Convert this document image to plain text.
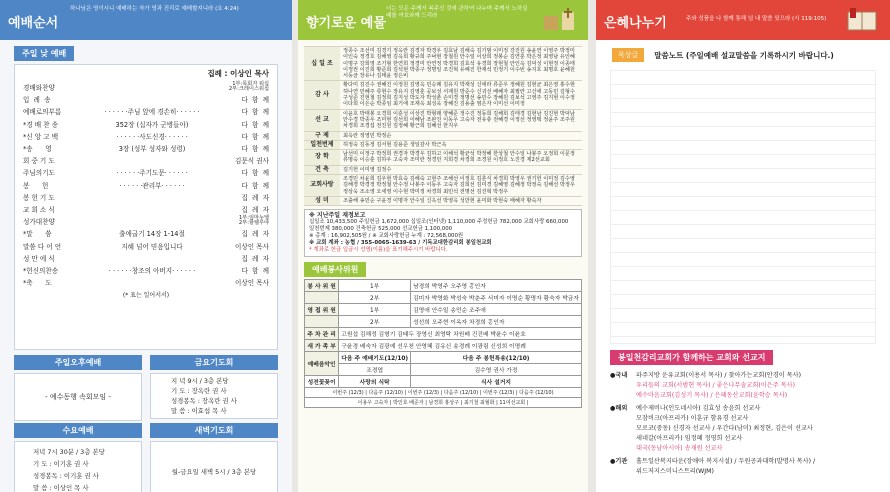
예배순서
하나님은 영이시니 예배하는 자가 영과 진리로 예배할지니라 (요 4:24)
주일 낮 예배
집례 : 이상인 목사
경배와찬양
1부:목회자 워십
2부:크레이스워십
입  례  송	다  함  께
예배로의부름	· · · · · ·주님 앞에 경손히· · · · · ·	다  함  께
*경 배 찬 송	352장 (십자가 군병들아)	다  함  께
*신 앙 고 백	· · · · · ·사도신경· · · · · ·	다  함  께
*송      영	3장 (성부 성자와 성령)	다  함  께
회 중 기 도	김문식 권사
주님의기도	· · · · · ·주기도문· · · · · ·	다  함  께
봉      헌	· · · · · ·관리부· · · · · ·	다  함  께
봉 헌 기 도	집  례  자
교 회 소 식	집  례  자
성가대찬양
1부:임마누엘
2부:할렐루야
*말      씀	출애굽기 14장 1-14절	집  례  자
말씀 다 어 언	지혜 넘어 믿음입니다	이상인 목사
성 만 에 식	집  례  자
*헌신의찬송	· · · · · ·창조의 아버지· · · · · ·	다  함  께
*축      도	이상인 목사
(* 표는 일어서서)
주일오후예배
- 예수동행 속회모임 -
금요기도회
지 녁 9시 / 3층 본당
기 도 : 장옥란 권 사
성경봉독 : 장옥란 권 사
말 씀 : 이효섭 목 사
수요예배
저녁 7시 30분 / 3층 본당
기 도 : 이기훈 권 사
성경봉독 : 이기훈 권 사
말 씀 : 이상인 목 사
새벽기도회
월-금요일 새벽 5시 / 3층 본당
향기로운 예물
너는 모든 주께서 복주신 것에 관하여 나누며 주께서 노하실 때를 여호와께 드리라
십 일 조
정종수 조선미 김경기 정옥란 김경자 박경우 김효남 김해숙 김기범 이미정 강진원 송윤연 이영주 박정미 이인숙 정경호 김해영 김옥희 황규희 주낙현 장철원 안수일 이상희 정봉순 김연훈 박은정 최영남 유인혜 이명구 강희영 조기형 한연희 정경미 안연정 박경희 김효석 유경희 장현철 안인옥 김덕성 이현정 이종태 이정권 이진희 황준희 김석현 박종구 정명일 조진혁 유해진 한재석 민정기 이수빈 송지호 최명호 윤혜원 서동균 장유나 김태윤 정은비
감 사
황다미 김진수 권혜진 이정원 김영옥 민승례 김유지 박재성 신애라 류준우 정혜원 김현균 최은영 홍수현 허나연 민혜주 류현수 장유지 김영훈 공보성 서재원 방준수 신귀선 배혜자 최필란 고신애 고동민 김형수 구성준 진현철 김정희 김지성 박도자 박성춘 손미경 정명선 송민수 장혜원 김보석 고영주 김지현 이수정 이다희 이은순 박종임 최기애 조재옥 최성욱 장혜진 김용출 염은자 이미선 이미정
선 교
이윤호 박태봉 오경희 이훈성 이상진 박형래 양혜준 정수진 정동희 김해희 김태경 김현남 김진현 박덕남 안수경 박종우 조미현 김선희 이혜남 조완진 이동우 고숙자 전유충 전혜경 이정선 정영택 정윤주 조주원 차경희 조경섭 전진원 김정혜 황근희 김혜선 한지우
구 제	최옥란 정영민 박정순
일천번제	허정숙 김동정 김서현 김용준 생일감사 박근옥
장 학	남선미 이정구 박정희 권경자 박경우 김하고 이해석 황균석 박정혜 한상철 안수일 나봉주 오정희 이문정 류명숙 이승훈 김하우 고숙자 조미란 정경민 지희경 차경희 조경원 이정호 노진경 제2선교회
건 축	김기헌 이미영 김정수
교회사랑
조경민 차윤희 김우현 박효숙 김해숙 고현주 조해선 이정호 김훈식 차경희 박영우 권기헌 이미정 김수영 김해경 박경정 박정철 안수정 나봉주 이동우 고숙자 김희선 김미경 김혜영 김혜정 박정숙 김해선 박정우 정상욱 조소영 오세영 이수현 박미정 차경희 최민석 전명선 김진혁 박정우
성 미	조출해 송민순 구윤경 이명자 안수일 신옥선 박영옥 성만현 윤미화 박현숙 배혜자 황숙자
※ 지난주일 재정보고
십일조 10,433,500 주일헌금 1,672,000 십일조(인터넷) 1,110,000 주정헌금 782,000 교회사랑 660,000
일천번제 380,000 건축헌금 525,000 선교헌금 1,100,000
※ 총계 : 16,902,505원 / ※ 교회사랑헌금 누계 : 72,568,000원
※ 교회 계좌 : 농협 / 355-0065-1639-63 / 기독교대한감리회 봉일천교회
* 계좌로 헌금 입금시 성명(이름)을 표기해주시기 바랍니다.
예배봉사위원
봉 사 위 원	1부	남경희 박영주 오주영 홍인자
	2부	김미자 박영화 박성숙 박춘주 서미자 이명순 황명자 황숙자 박금자
영 접 위 원	1부	김영애 안수일 송민순 조주애
	2부	성선희 오주현 이옥자 차경희 홍인자
주 차 관 리	고원섭 김해정 김형기 김태두 장영신 최영탁 차원배 진진배 박윤수 이윤호	
새 가 족 부	구윤경 배숙자 김광예 선우천 안영혜 김유신 송경례 이광림 신성희 이명례	
예배음악인	다음 주 예배기도(12/10)	다음 주 봉헌특송(12/10)
	조경엽	김수영 권사 가정
성전꽃꽂이	사랑의 식탁	식사 설거지
이번주 (12/3) | 다음주 (12/10) | 이번주 (12/3) | 다음주 (12/10) | 이번주 (12/3) | 다음주 (12/10)		
이용우 고숙자 | 박인호 배준자 | 남경희 홍상구 | 최기철 최월화 | 11여선교회 |		
은혜나누기	주와 성품을 나 함께 통해 넘 내 말씀 잊으라 (시 119:105)
묵상글	말씀노트 (주일예배 설교말씀을 기록하시기 바랍니다.)
봉일천감리교회가 함께하는 교회와 선교지
●국내	파주지방 운유교회(이용서 목사) / 찾아가는교회(안경이 목사)
우리들의 교회(서범현 목사) / 좋은나무솔교회(이은주 목사)
예수마음교회(김성기 목사) / 은혜동산교회(윤학승 목사)
●해외	예수제비나(인도네시아) 김효성 송윤희 선교사
모잠비크(아프리카) 이훈규 함유경 선교사
모로코(중동) 신경자 선교사 / 우간다(남미) 최정현, 김은이 선교사
세네갈(아프리카) 임정혜 정영희 선교사
대국(동남아시아) 송재원 선교사
●기관	홀트일산복지타운(장애아 복지시설) / 두원공과대학(발명사 목사) /
위드저지스미니스트리(WJM)
